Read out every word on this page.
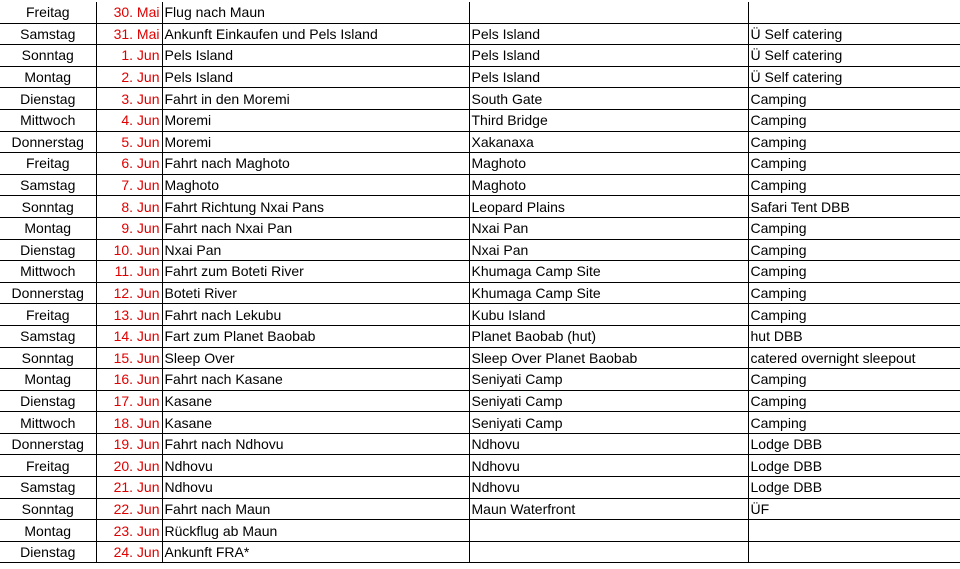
Freitag	30. Mai	Flug nach Maun		
Samstag	31. Mai	Ankunft Einkaufen und Pels Island	Pels Island	Ü Self catering
Sonntag	1. Jun	Pels Island	Pels Island	Ü Self catering
Montag	2. Jun	Pels Island	Pels Island	Ü Self catering
Dienstag	3. Jun	Fahrt in den Moremi	South Gate	Camping
Mittwoch	4. Jun	Moremi	Third Bridge	Camping
Donnerstag	5. Jun	Moremi	Xakanaxa	Camping
Freitag	6. Jun	Fahrt nach Maghoto	Maghoto	Camping
Samstag	7. Jun	Maghoto	Maghoto	Camping
Sonntag	8. Jun	Fahrt Richtung Nxai Pans	Leopard Plains	Safari Tent DBB
Montag	9. Jun	Fahrt nach Nxai Pan	Nxai Pan	Camping
Dienstag	10. Jun	Nxai Pan	Nxai Pan	Camping
Mittwoch	11. Jun	Fahrt zum Boteti River	Khumaga Camp Site	Camping
Donnerstag	12. Jun	Boteti River	Khumaga Camp Site	Camping
Freitag	13. Jun	Fahrt nach Lekubu	Kubu Island	Camping
Samstag	14. Jun	Fart zum Planet Baobab	Planet Baobab (hut)	hut DBB
Sonntag	15. Jun	Sleep Over	Sleep Over Planet Baobab	catered overnight sleepout
Montag	16. Jun	Fahrt nach Kasane	Seniyati Camp	Camping
Dienstag	17. Jun	Kasane	Seniyati Camp	Camping
Mittwoch	18. Jun	Kasane	Seniyati Camp	Camping
Donnerstag	19. Jun	Fahrt nach Ndhovu	Ndhovu	Lodge DBB
Freitag	20. Jun	Ndhovu	Ndhovu	Lodge DBB
Samstag	21. Jun	Ndhovu	Ndhovu	Lodge DBB
Sonntag	22. Jun	Fahrt nach Maun	Maun Waterfront	ÜF
Montag	23. Jun	Rückflug ab Maun		
Dienstag	24. Jun	Ankunft FRA*		
